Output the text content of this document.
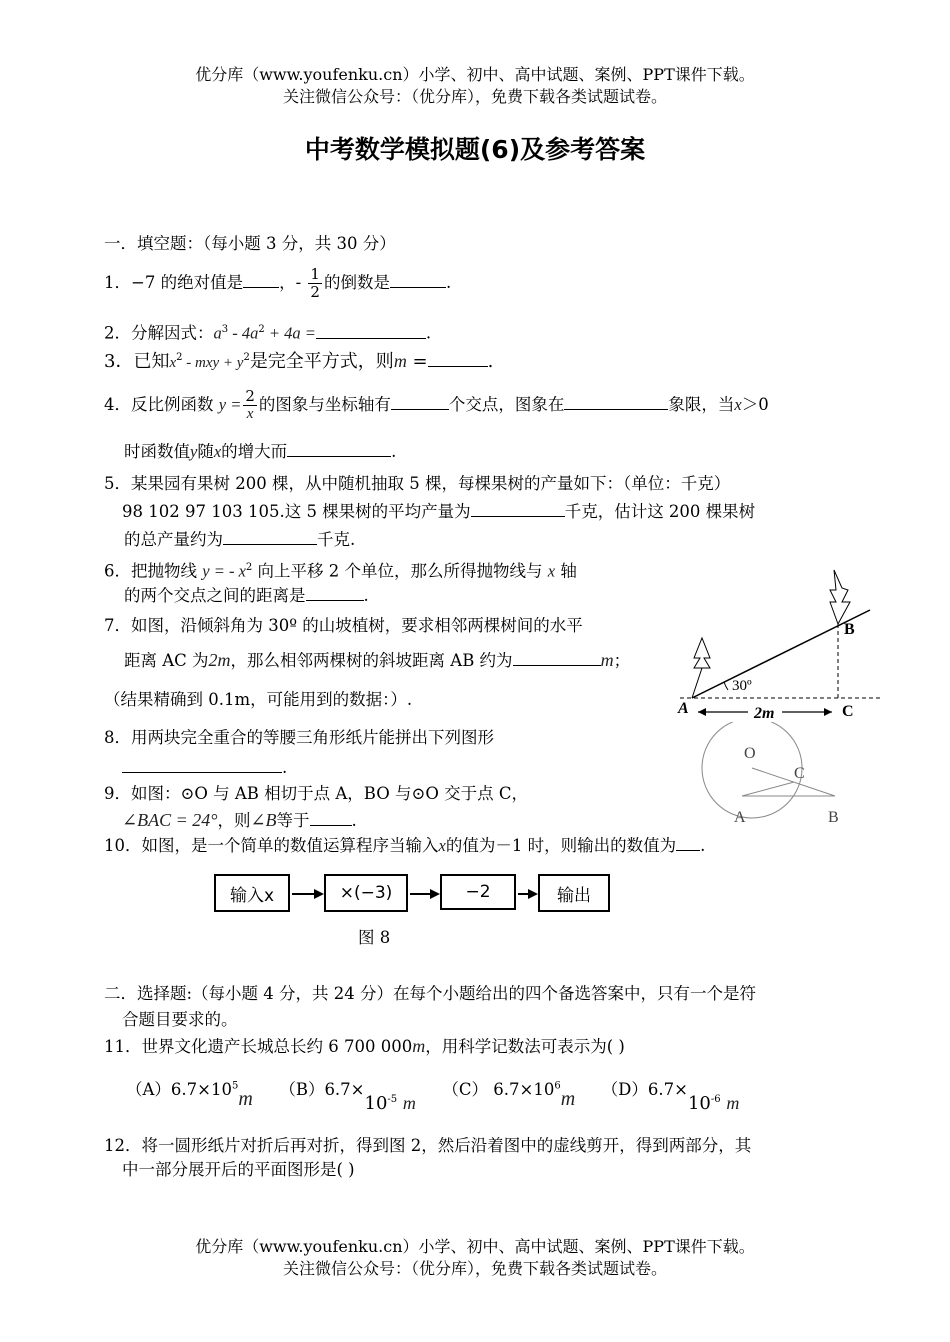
优分库（www.youfenku.cn）小学、初中、高中试题、案例、PPT课件下载。
关注微信公众号：（优分库），免费下载各类试题试卷。
中考数学模拟题(6)及参考答案
一．填空题：（每小题 3 分，共 30 分）
1．−7 的绝对值是 ，- $\frac{1}{2}$ 的倒数是	.
2．分解因式：$a^3 - 4a^2 + 4a$ =	.
3．已知$x^2$ - mxy + $y^2$是完全平方式，则m =	.
4．反比例函数 $y = \frac{2}{x}$ 的图象与坐标轴有	个交点，图象在	象限，当x＞0
时函数值y随x的增大而	.
5．某果园有果树 200 棵，从中随机抽取 5 棵，每棵果树的产量如下：（单位：千克）
98 102 97 103 105.这 5 棵果树的平均产量为	千克，估计这 200 棵果树
的总产量约为	千克.
6．把抛物线 y = - $x^2$ 向上平移 2 个单位，那么所得抛物线与 x 轴
的两个交点之间的距离是	.
7．如图，沿倾斜角为 30º 的山坡植树，要求相邻两棵树间的水平
距离 AC 为2m，那么相邻两棵树的斜坡距离 AB 约为	m；
（结果精确到 0.1m，可能用到的数据：）.
8．用两块完全重合的等腰三角形纸片能拼出下列图形
.
9．如图：⊙O 与 AB 相切于点 A，BO 与⊙O 交于点 C，
∠BAC = 24°，则∠B等于	.
10．如图，是一个简单的数值运算程序当输入x的值为－1 时，则输出的数值为 .
输入x	×(−3)	−2	输出
图 8
30º
A
B
C
2m
O
C
A	B
二．选择题:（每小题 4 分，共 24 分）在每个小题给出的四个备选答案中，只有一个是符
合题目要求的。
11．世界文化遗产长城总长约 6 700 000m，用科学记数法可表示为( )
$(A)6.7\times 10^5m$ $(B)6.7\times 10^{-5}$ m  （C） $6.7\times 10^6m$ $(D)6.7\times 10^{-6}$ m
12．将一圆形纸片对折后再对折，得到图 2，然后沿着图中的虚线剪开，得到两部分，其
中一部分展开后的平面图形是( )
优分库（www.youfenku.cn）小学、初中、高中试题、案例、PPT课件下载。
关注微信公众号：（优分库），免费下载各类试题试卷。
